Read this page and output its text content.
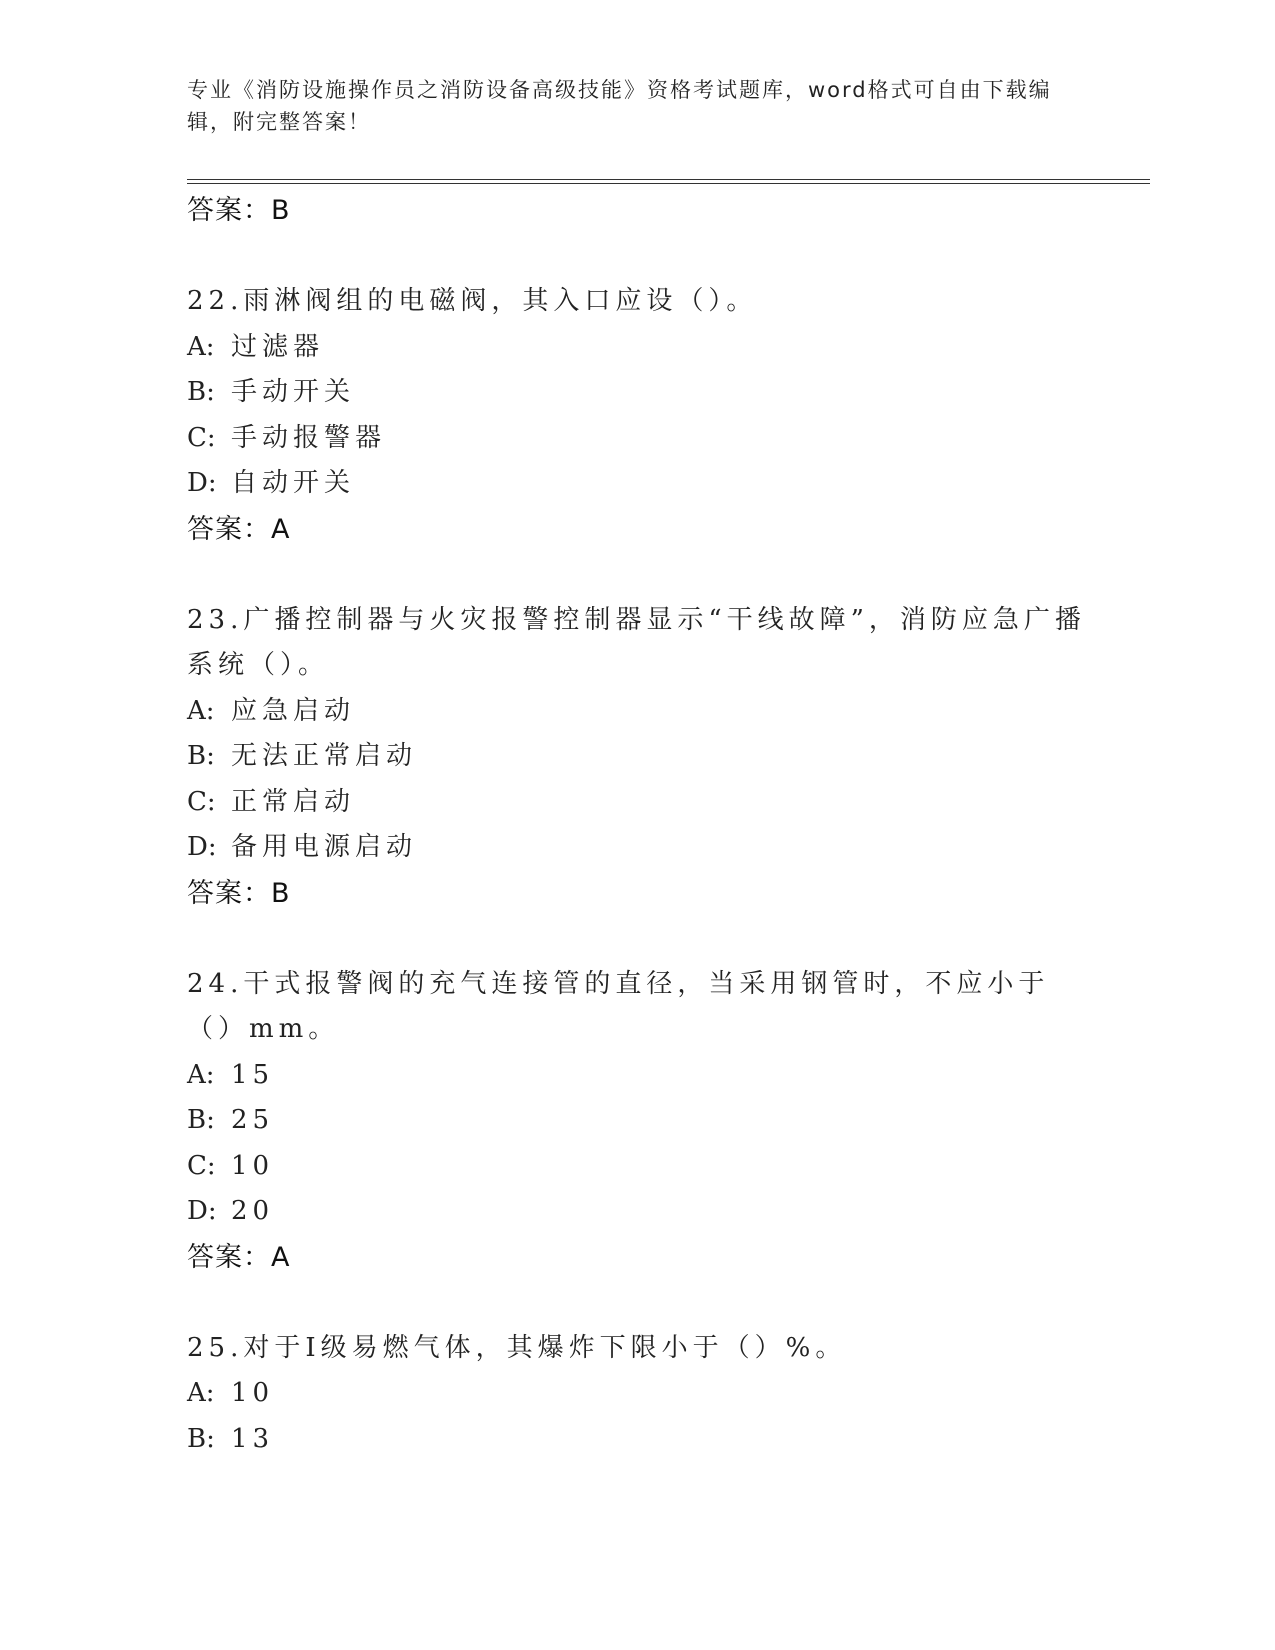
专业《消防设施操作员之消防设备高级技能》资格考试题库，word格式可自由下载编辑，附完整答案！
答案：B
22.雨淋阀组的电磁阀，其入口应设（）。
A: 过滤器
B: 手动开关
C: 手动报警器
D: 自动开关
答案：A
23.广播控制器与火灾报警控制器显示“干线故障”，消防应急广播系统（）。
A: 应急启动
B: 无法正常启动
C: 正常启动
D: 备用电源启动
答案：B
24.干式报警阀的充气连接管的直径，当采用钢管时，不应小于（）mm。
A: 15
B: 25
C: 10
D: 20
答案：A
25.对于Ⅰ级易燃气体，其爆炸下限小于（）%。
A: 10
B: 13
